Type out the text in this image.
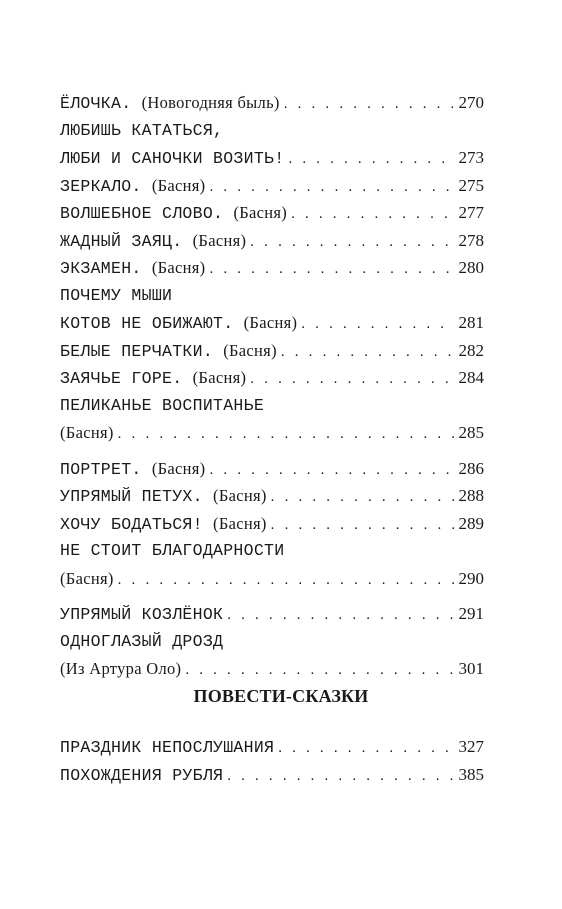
ЁЛОЧКА. (Новогодняя быль) . . .	270
ЛЮБИШЬ КАТАТЬСЯ,
ЛЮБИ И САНОЧКИ ВОЗИТЬ! . . .	273
ЗЕРКАЛО. (Басня) . . .	275
ВОЛШЕБНОЕ СЛОВО. (Басня) . . .	277
ЖАДНЫЙ ЗАЯЦ. (Басня) . . .	278
ЭКЗАМЕН. (Басня) . . .	280
ПОЧЕМУ МЫШИ
КОТОВ НЕ ОБИЖАЮТ. (Басня) . . .	281
БЕЛЫЕ ПЕРЧАТКИ. (Басня) . . .	282
ЗАЯЧЬЕ ГОРЕ. (Басня) . . .	284
ПЕЛИКАНЬЕ ВОСПИТАНЬЕ
(Басня) . . .	285
ПОРТРЕТ. (Басня) . . .	286
УПРЯМЫЙ ПЕТУХ. (Басня) . . .	288
ХОЧУ БОДАТЬСЯ! (Басня) . . .	289
НЕ СТОИТ БЛАГОДАРНОСТИ
(Басня) . . .	290
УПРЯМЫЙ КОЗЛЁНОК . . .	291
ОДНОГЛАЗЫЙ ДРОЗД
(Из Артура Оло) . . .	301
ПОВЕСТИ-СКАЗКИ
ПРАЗДНИК НЕПОСЛУШАНИЯ . . .	327
ПОХОЖДЕНИЯ РУБЛЯ . . .	385
